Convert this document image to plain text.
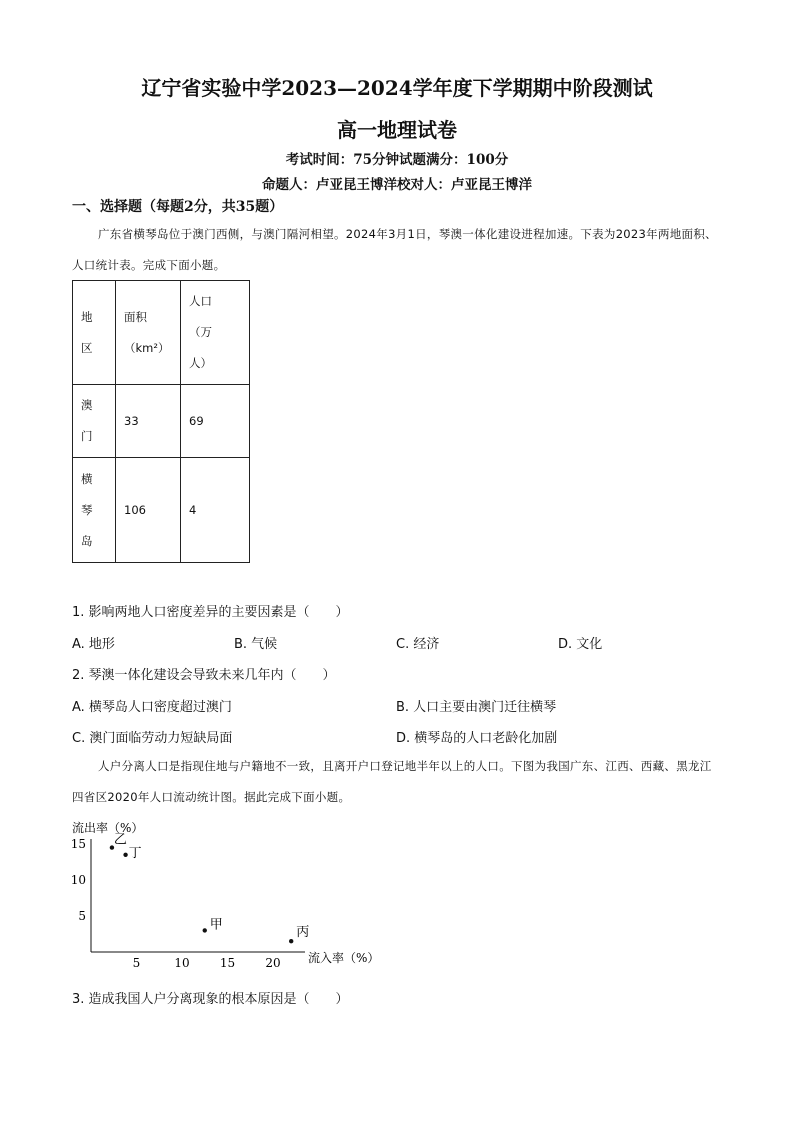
辽宁省实验中学2023—2024学年度下学期期中阶段测试
高一地理试卷
考试时间：75分钟试题满分：100分
命题人：卢亚昆王博洋校对人：卢亚昆王博洋
一、选择题（每题2分，共35题）
广东省横琴岛位于澳门西侧，与澳门隔河相望。2024年3月1日，琴澳一体化建设进程加速。下表为2023年两地面积、人口统计表。完成下面小题。
地区	面积（km²）	人口（万人）

澳门	33	69

横琴岛	106	4
1. 影响两地人口密度差异的主要因素是（　　）
A. 地形	B. 气候	C. 经济	D. 文化
2. 琴澳一体化建设会导致未来几年内（　　）
A. 横琴岛人口密度超过澳门	B. 人口主要由澳门迁往横琴
C. 澳门面临劳动力短缺局面	D. 横琴岛的人口老龄化加剧
人户分离人口是指现住地与户籍地不一致，且离开户口登记地半年以上的人口。下图为我国广东、江西、西藏、黑龙江四省区2020年人口流动统计图。据此完成下面小题。
流出率（%）
流入率（%）
5	10	15	20
5
10
15 乙
丁
甲
丙
3. 造成我国人户分离现象的根本原因是（　　）
